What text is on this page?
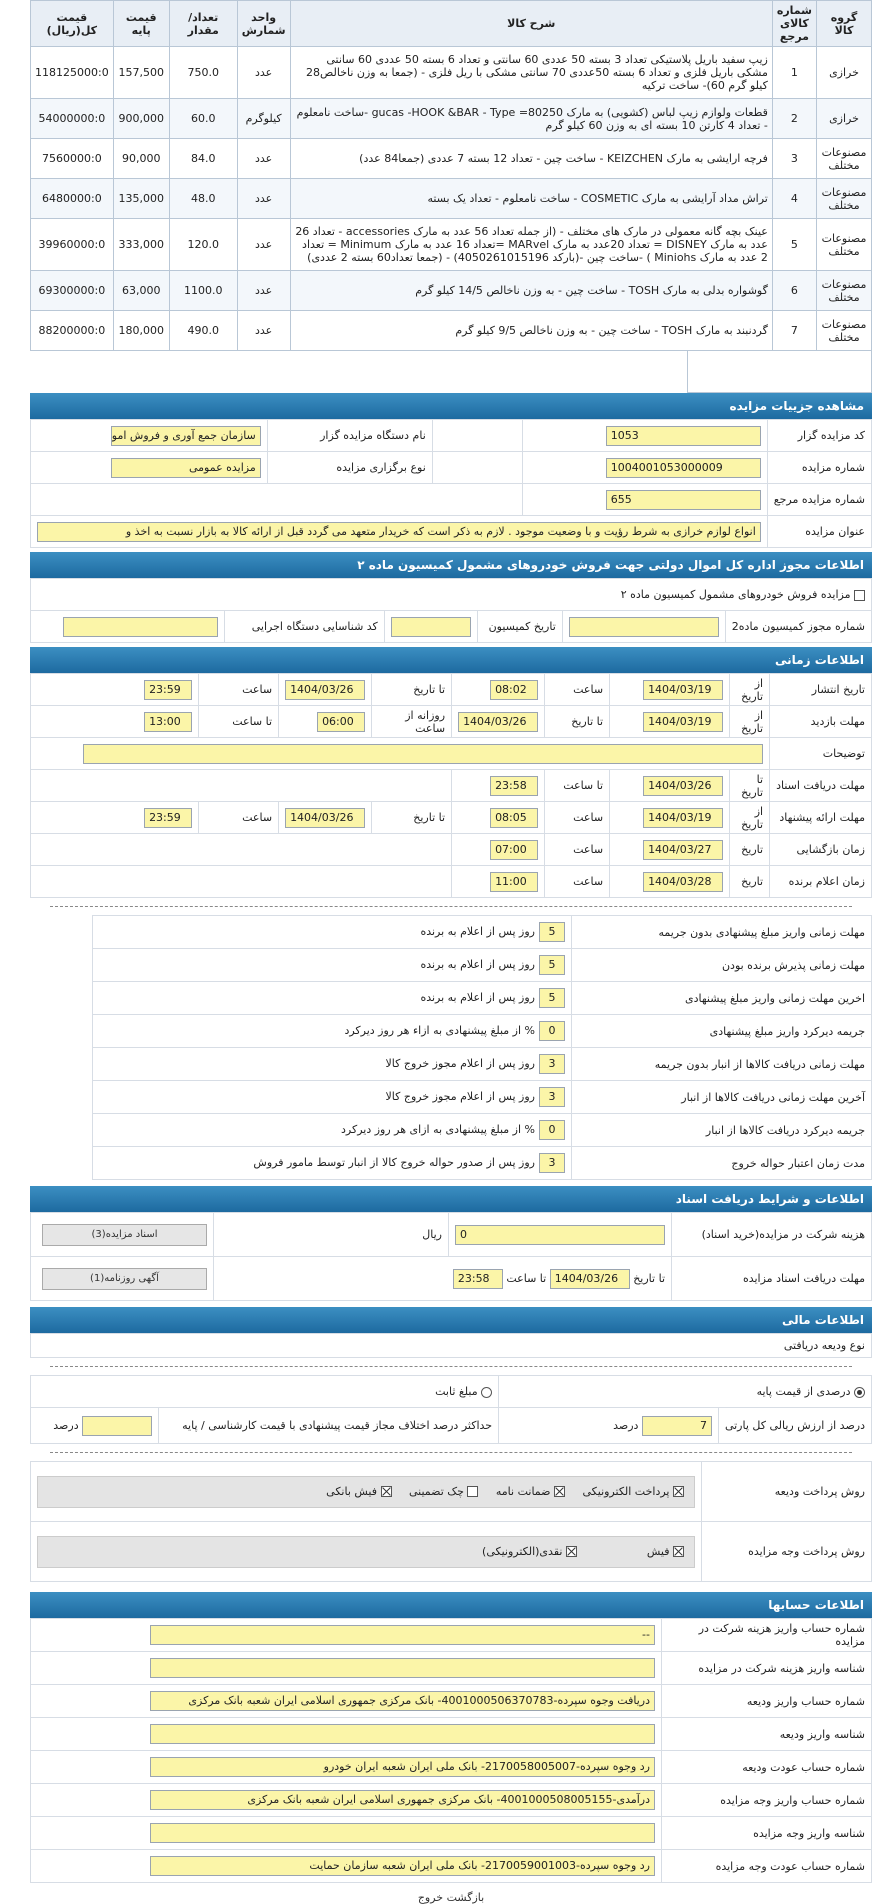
گروه کالا	شماره کالای مرجع	شرح کالا	واحد شمارش	تعداد/مقدار	قیمت پایه	قیمت کل(ریال)
خرازی	1	زیپ سفید باریل پلاستیکی تعداد 3 بسته 50 عددی 60 سانتی و تعداد 6 بسته 50 عددی 60 سانتی مشکی باریل فلزی و تعداد 6 بسته 50عددی 70 سانتی مشکی با ریل فلزی - (جمعا به وزن ناخالص28 کیلو گرم 60)- ساخت ترکیه	عدد	750.0	157,500	118125000:0
خرازی	2	قطعات ولوازم زیپ لباس (کشویی) به مارک gucas -HOOK &BAR - Type =80250 -ساخت نامعلوم - تعداد 4 کارتن 10 بسته ای به وزن 60 کیلو گرم	کیلوگرم	60.0	900,000	54000000:0
مصنوعات مختلف	3	فرچه ارایشی به مارک KEIZCHEN - ساخت چین - تعداد 12 بسته 7 عددی (جمعا84 عدد)	عدد	84.0	90,000	7560000:0
مصنوعات مختلف	4	تراش مداد آرایشی به مارک COSMETIC - ساخت نامعلوم - تعداد یک بسته	عدد	48.0	135,000	6480000:0
مصنوعات مختلف	5	عینک بچه گانه معمولی در مارک های مختلف - (از جمله تعداد 56 عدد به مارک accessories - تعداد 26 عدد به مارک DISNEY = تعداد 20عدد به مارک MARvel =تعداد 16 عدد به مارک Minimum = تعداد 2 عدد به مارک Miniohs ) -ساخت چین -(بارکد 4050261015196) - (جمعا تعداد60 بسته 2 عددی)	عدد	120.0	333,000	39960000:0
مصنوعات مختلف	6	گوشواره بدلی به مارک TOSH - ساخت چین - به وزن ناخالص 14/5 کیلو گرم	عدد	1100.0	63,000	69300000:0
مصنوعات مختلف	7	گردنبند به مارک TOSH - ساخت چین - به وزن ناخالص 9/5 کیلو گرم	عدد	490.0	180,000	88200000:0
مشاهده جزییات مزایده
کد مزایده گزار	1053		نام دستگاه مزایده گزار	سازمان جمع آوری و فروش امو
شماره مزایده	1004001053000009		نوع برگزاری مزایده	مزایده عمومی
شماره مزایده مرجع	655			
عنوان مزایده	انواع لوازم خرازی به شرط رؤیت و با وضعیت موجود . لازم به ذکر است که خریدار متعهد می گردد قبل از ارائه کالا به بازار نسبت به اخذ و			
اطلاعات مجوز اداره کل اموال دولتی جهت فروش خودروهای مشمول کمیسیون ماده ۲
مزایده فروش خودروهای مشمول کمیسیون ماده ۲
شماره مجوز کمیسیون ماده2		تاریخ کمیسیون		کد شناسایی دستگاه اجرایی	
اطلاعات زمانی
تاریخ انتشار	از تاریخ	1404/03/19	ساعت	08:02	تا تاریخ	1404/03/26	ساعت	23:59
مهلت بازدید	از تاریخ	1404/03/19	تا تاریخ	1404/03/26	روزانه از ساعت	06:00	تا ساعت	13:00
توضیحات								
مهلت دریافت اسناد	تا تاریخ	1404/03/26	تا ساعت	23:58				
مهلت ارائه پیشنهاد	از تاریخ	1404/03/19	ساعت	08:05	تا تاریخ	1404/03/26	ساعت	23:59
زمان بازگشایی	تاریخ	1404/03/27	ساعت	07:00				
زمان اعلام برنده	تاریخ	1404/03/28	ساعت	11:00				
مهلت زمانی واریز مبلغ پیشنهادی بدون جریمه	5روز پس از اعلام به برنده
مهلت زمانی پذیرش برنده بودن	5روز پس از اعلام به برنده
اخرین مهلت زمانی واریز مبلغ پیشنهادی	5روز پس از اعلام به برنده
جریمه دیرکرد واریز مبلغ پیشنهادی	0% از مبلغ پیشنهادی به ازاء هر روز دیرکرد
مهلت زمانی دریافت کالاها از انبار بدون جریمه	3روز پس از اعلام مجوز خروج کالا
آخرین مهلت زمانی دریافت کالاها از انبار	3روز پس از اعلام مجوز خروج کالا
جریمه دیرکرد دریافت کالاها از انبار	0% از مبلغ پیشنهادی به ازای هر روز دیرکرد
مدت زمان اعتبار حواله خروج	3روز پس از صدور حواله خروج کالا از انبار توسط مامور فروش
اطلاعات و شرایط دریافت اسناد
هزینه شرکت در مزایده(خرید اسناد)	0	ریال	اسناد مزایده(3)
مهلت دریافت اسناد مزایده	تا تاریخ 1404/03/26 تا ساعت 23:58		آگهی روزنامه(1)
اطلاعات مالی
نوع ودیعه دریافتی
درصدی از قیمت پایه		مبلغ ثابت	
درصد از ارزش ریالی کل پارتی	7 درصد	حداکثر درصد اختلاف مجاز قیمت پیشنهادی با قیمت کارشناسی / پایه	درصد
روش پرداخت ودیعه	پرداخت الکترونیکی      ضمانت نامه      چک تضمینی      فیش بانکی

روش پرداخت وجه مزایده	فیش                     نقدی(الکترونیکی)
اطلاعات حسابها
شماره حساب واریز هزینه شرکت در مزایده	--
شناسه واریز هزینه شرکت در مزایده	
شماره حساب واریز ودیعه	دریافت وجوه سپرده-4001000506370783- بانک مرکزی جمهوری اسلامی ایران شعبه بانک مرکزی
شناسه واریز ودیعه	
شماره حساب عودت ودیعه	رد وجوه سپرده-2170058005007- بانک ملی ایران شعبه ایران خودرو
شماره حساب واریز وجه مزایده	درآمدی-4001000508005155- بانک مرکزی جمهوری اسلامی ایران شعبه بانک مرکزی
شناسه واریز وجه مزایده	
شماره حساب عودت وجه مزایده	رد وجوه سپرده-2170059001003- بانک ملی ایران شعبه سازمان حمایت
بازگشت خروج
